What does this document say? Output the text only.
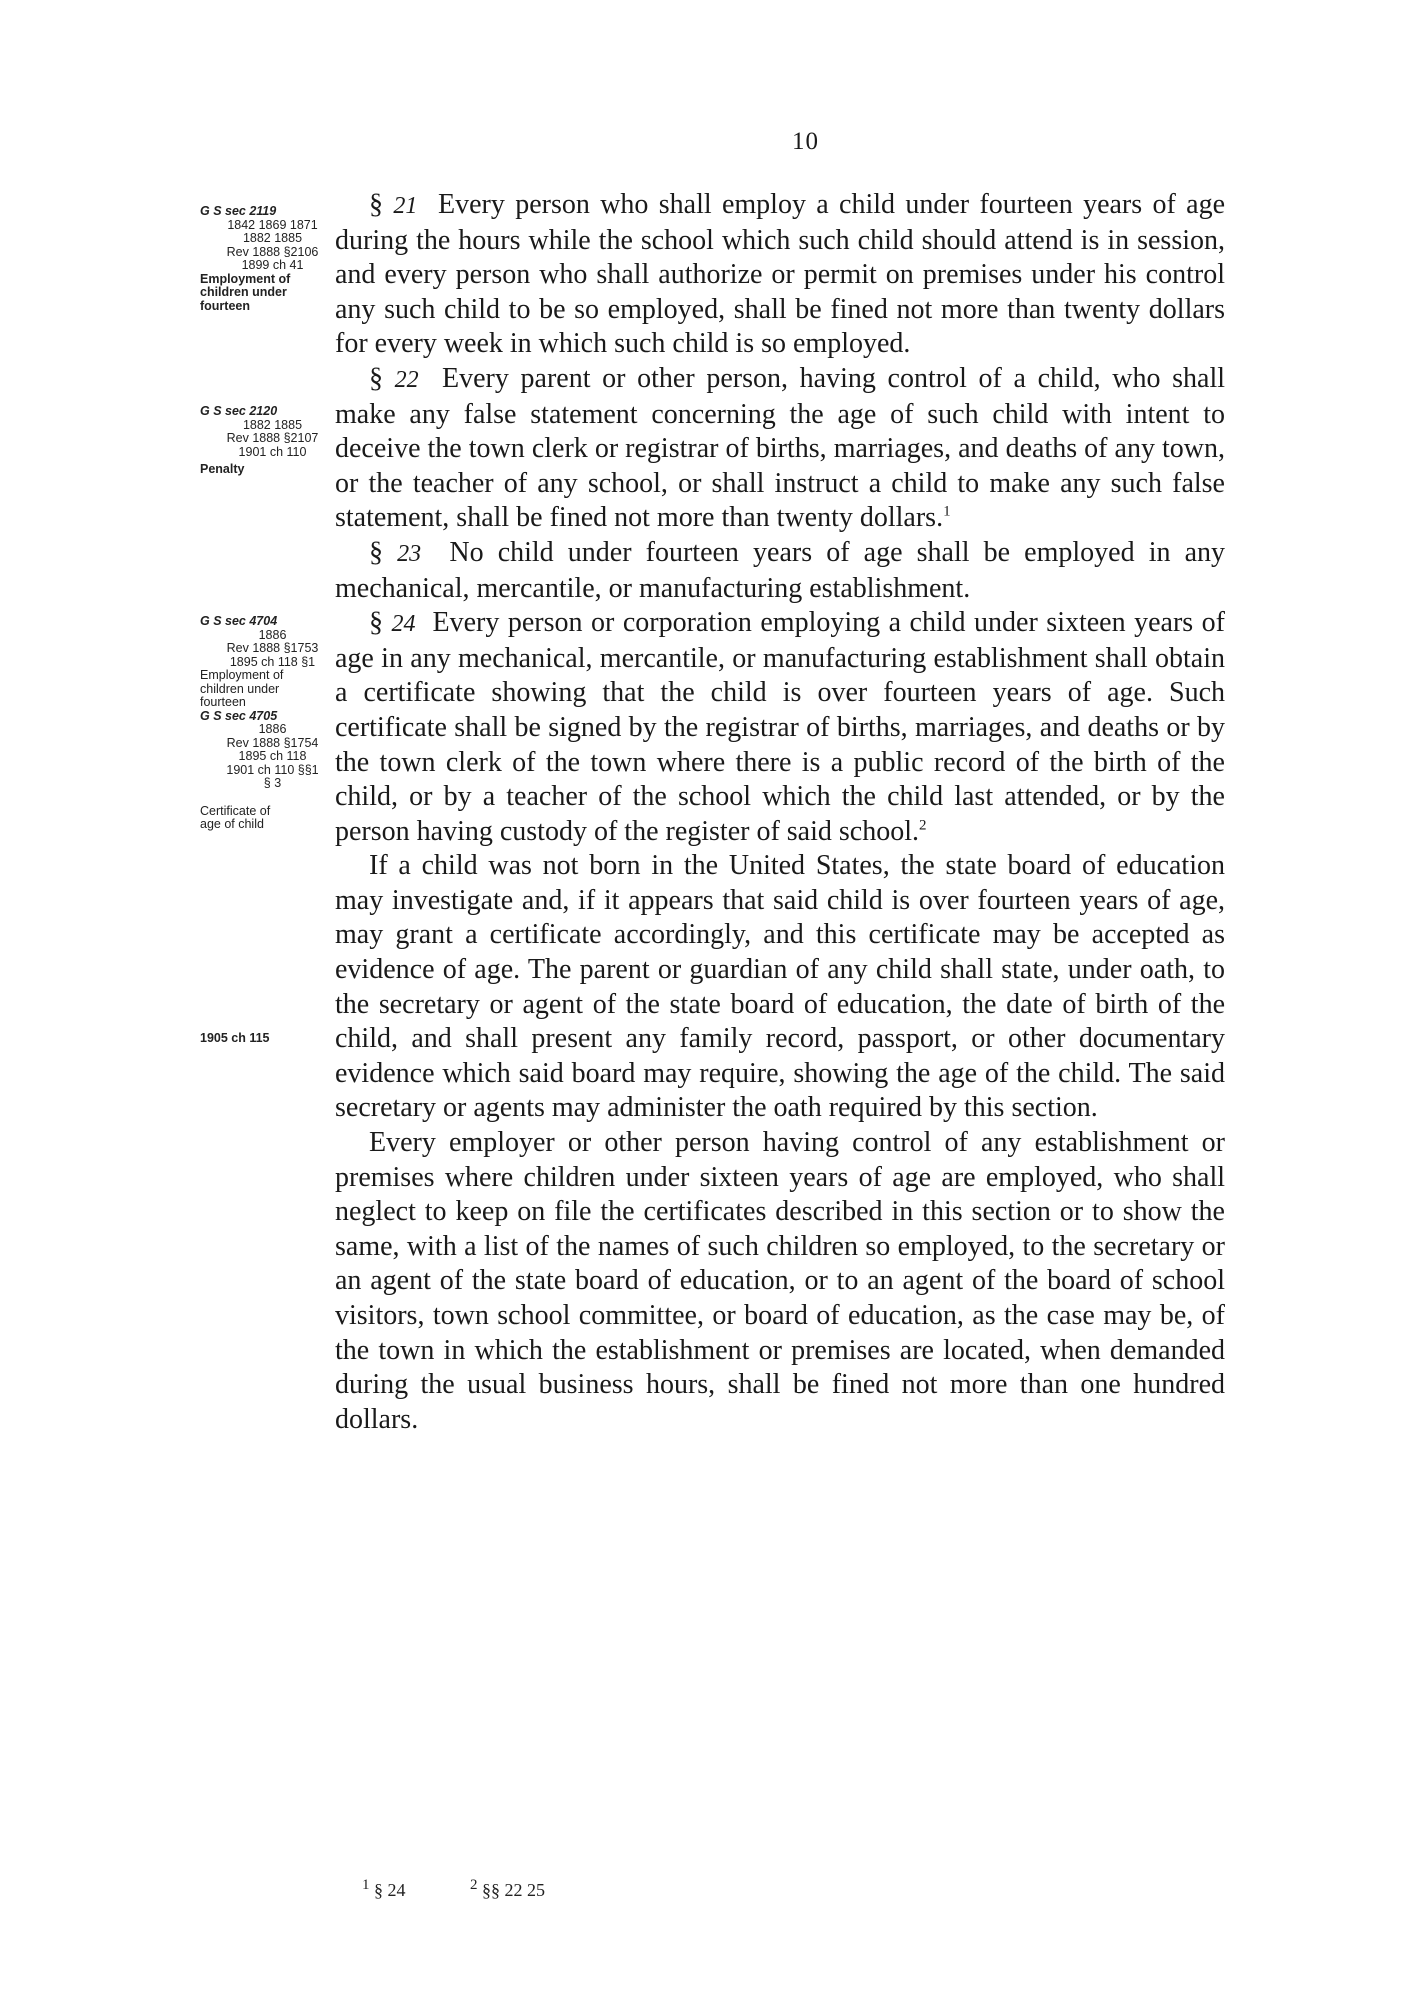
10
G S sec 2119
1842 1869 1871
1882 1885
Rev 1888 §2106
1899 ch 41
Employment of
children under
fourteen
G S sec 2120
1882 1885
Rev 1888 §2107
1901 ch 110
Penalty
G S sec 4704
1886
Rev 1888 §1753
1895 ch 118 §1
Employment of
children under
fourteen
G S sec 4705
1886
Rev 1888 §1754
1895 ch 118
1901 ch 110 §§1
§ 3
Certificate of
age of child
1905 ch 115

§ 21 Every person who shall employ a child under fourteen years of age during the hours while the school which such child should attend is in session, and every person who shall authorize or permit on premises under his control any such child to be so employed, shall be fined not more than twenty dollars for every week in which such child is so employed.

§ 22 Every parent or other person, having control of a child, who shall make any false statement concerning the age of such child with intent to deceive the town clerk or registrar of births, marriages, and deaths of any town, or the teacher of any school, or shall instruct a child to make any such false statement, shall be fined not more than twenty dollars.$^1$

§ 23 No child under fourteen years of age shall be employed in any mechanical, mercantile, or manufacturing establishment.

§ 24 Every person or corporation employing a child under sixteen years of age in any mechanical, mercantile, or manufacturing establishment shall obtain a certificate showing that the child is over fourteen years of age. Such certificate shall be signed by the registrar of births, marriages, and deaths or by the town clerk of the town where there is a public record of the birth of the child, or by a teacher of the school which the child last attended, or by the person having custody of the register of said school.$^2$

If a child was not born in the United States, the state board of education may investigate and, if it appears that said child is over fourteen years of age, may grant a certificate accordingly, and this certificate may be accepted as evidence of age. The parent or guardian of any child shall state, under oath, to the secretary or agent of the state board of education, the date of birth of the child, and shall present any family record, passport, or other documentary evidence which said board may require, showing the age of the child. The said secretary or agents may administer the oath required by this section.

Every employer or other person having control of any establishment or premises where children under sixteen years of age are employed, who shall neglect to keep on file the certificates described in this section or to show the same, with a list of the names of such children so employed, to the secretary or an agent of the state board of education, or to an agent of the board of school visitors, town school committee, or board of education, as the case may be, of the town in which the establishment or premises are located, when demanded during the usual business hours, shall be fined not more than one hundred dollars.

$^1$ § 24	$^2$ §§ 22 25
